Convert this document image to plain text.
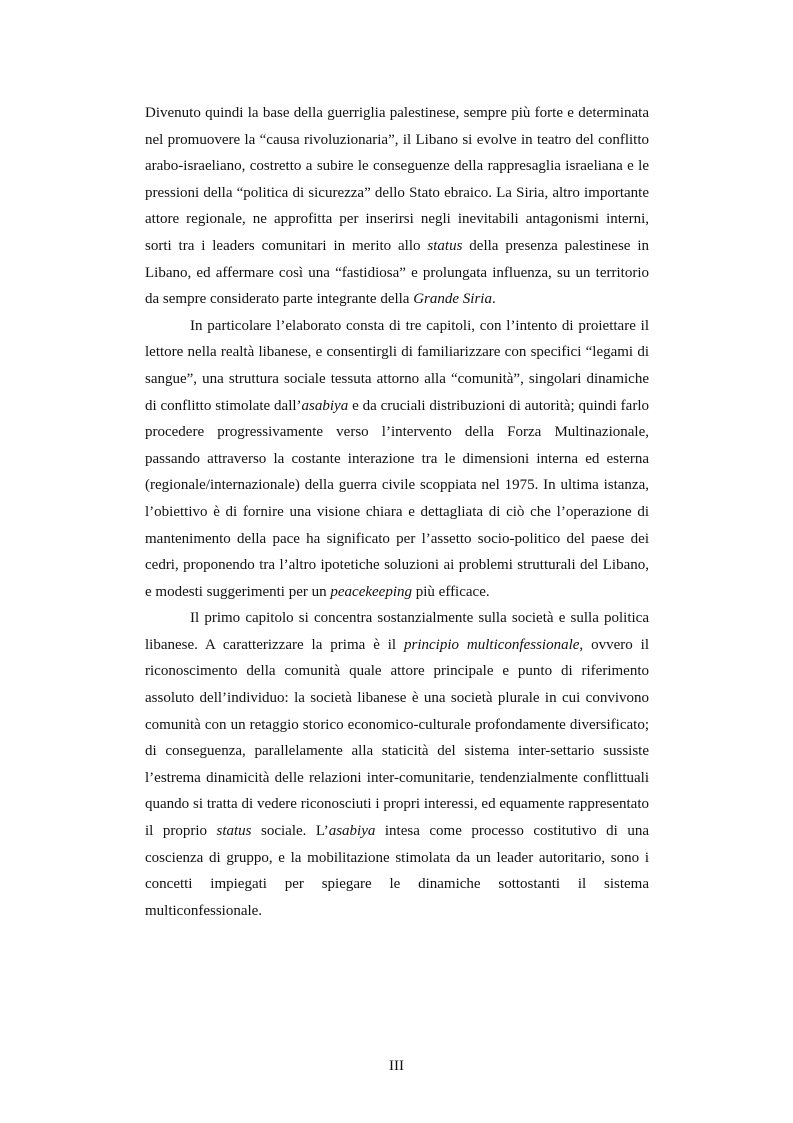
Divenuto quindi la base della guerriglia palestinese, sempre più forte e determinata nel promuovere la “causa rivoluzionaria”, il Libano si evolve in teatro del conflitto arabo-israeliano, costretto a subire le conseguenze della rappresaglia israeliana e le pressioni della “politica di sicurezza” dello Stato ebraico. La Siria, altro importante attore regionale, ne approfitta per inserirsi negli inevitabili antagonismi interni, sorti tra i leaders comunitari in merito allo status della presenza palestinese in Libano, ed affermare così una “fastidiosa” e prolungata influenza, su un territorio da sempre considerato parte integrante della Grande Siria.

In particolare l’elaborato consta di tre capitoli, con l’intento di proiettare il lettore nella realtà libanese, e consentirgli di familiarizzare con specifici “legami di sangue”, una struttura sociale tessuta attorno alla “comunità”, singolari dinamiche di conflitto stimolate dall’asabiya e da cruciali distribuzioni di autorità; quindi farlo procedere progressivamente verso l’intervento della Forza Multinazionale, passando attraverso la costante interazione tra le dimensioni interna ed esterna (regionale/internazionale) della guerra civile scoppiata nel 1975. In ultima istanza, l’obiettivo è di fornire una visione chiara e dettagliata di ciò che l’operazione di mantenimento della pace ha significato per l’assetto socio-politico del paese dei cedri, proponendo tra l’altro ipotetiche soluzioni ai problemi strutturali del Libano, e modesti suggerimenti per un peacekeeping più efficace.

Il primo capitolo si concentra sostanzialmente sulla società e sulla politica libanese. A caratterizzare la prima è il principio multiconfessionale, ovvero il riconoscimento della comunità quale attore principale e punto di riferimento assoluto dell’individuo: la società libanese è una società plurale in cui convivono comunità con un retaggio storico economico-culturale profondamente diversificato; di conseguenza, parallelamente alla staticità del sistema inter-settario sussiste l’estrema dinamicità delle relazioni inter-comunitarie, tendenzialmente conflittuali quando si tratta di vedere riconosciuti i propri interessi, ed equamente rappresentato il proprio status sociale. L’asabiya intesa come processo costitutivo di una coscienza di gruppo, e la mobilitazione stimolata da un leader autoritario, sono i concetti impiegati per spiegare le dinamiche sottostanti il sistema multiconfessionale.

III
